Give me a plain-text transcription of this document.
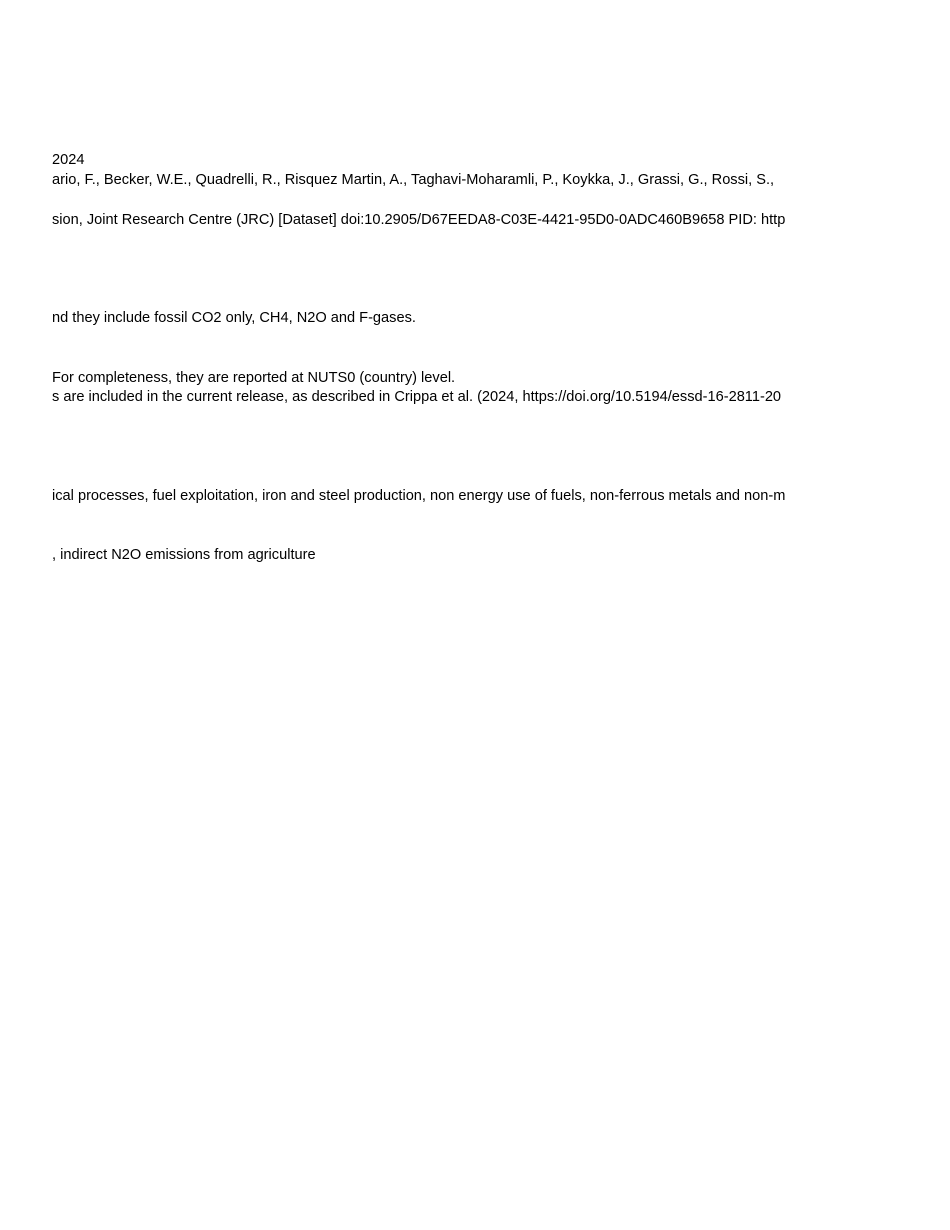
2024
ario, F., Becker, W.E., Quadrelli, R., Risquez Martin, A., Taghavi-Moharamli, P., Koykka, J., Grassi, G., Rossi, S.,
sion, Joint Research Centre (JRC) [Dataset] doi:10.2905/D67EEDA8-C03E-4421-95D0-0ADC460B9658 PID: http
nd they include fossil CO2 only, CH4, N2O and F-gases.
For completeness, they are reported at NUTS0 (country) level.
s are included in the current release, as described in Crippa et al. (2024, https://doi.org/10.5194/essd-16-2811-20
ical processes, fuel exploitation, iron and steel production, non energy use of fuels, non-ferrous metals and non-m
, indirect N2O emissions from agriculture
